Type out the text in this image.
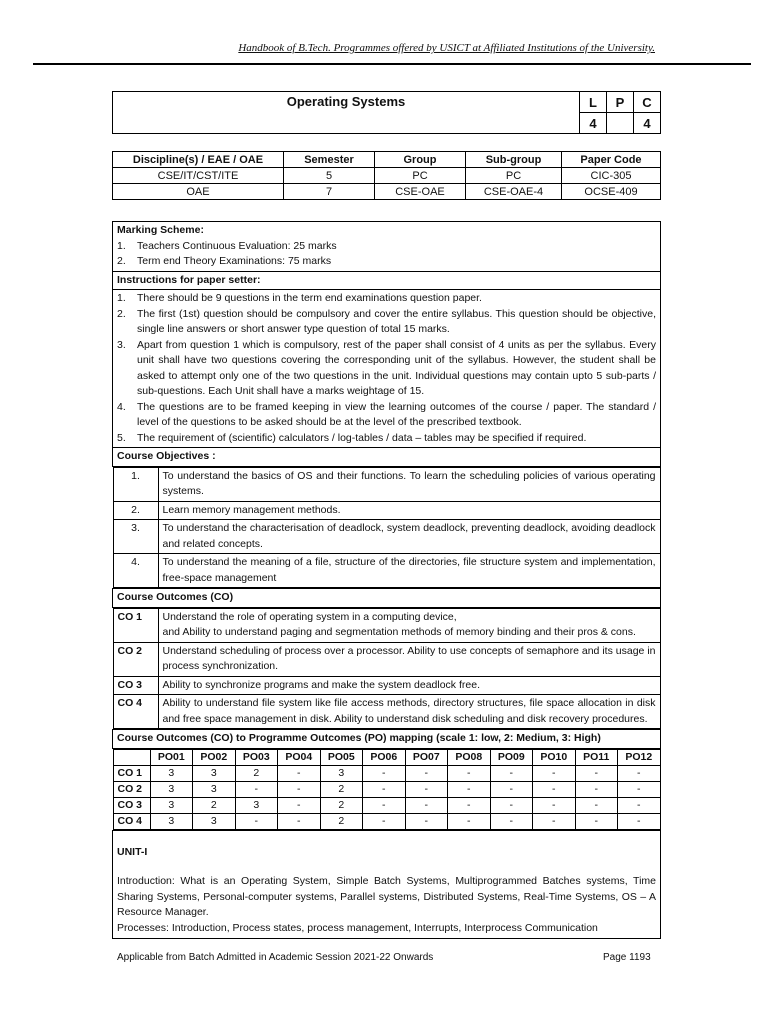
Handbook of B.Tech. Programmes offered by USICT at Affiliated Institutions of the University.
Operating Systems	L	P	C
	4		4
Discipline(s) / EAE / OAE	Semester	Group	Sub-group	Paper Code
CSE/IT/CST/ITE	5	PC	PC	CIC-305
OAE	7	CSE-OAE	CSE-OAE-4	OCSE-409
Marking Scheme:
1.	Teachers Continuous Evaluation: 25 marks
2.	Term end Theory Examinations: 75 marks

Instructions for paper setter:

1.	There should be 9 questions in the term end examinations question paper.
2.	The first (1st) question should be compulsory and cover the entire syllabus. This question should be objective, single line answers or short answer type question of total 15 marks.
3.	Apart from question 1 which is compulsory, rest of the paper shall consist of 4 units as per the syllabus. Every unit shall have two questions covering the corresponding unit of the syllabus. However, the student shall be asked to attempt only one of the two questions in the unit. Individual questions may contain upto 5 sub-parts / sub-questions. Each Unit shall have a marks weightage of 15.
4.	The questions are to be framed keeping in view the learning outcomes of the course / paper. The standard / level of the questions to be asked should be at the level of the prescribed textbook.
5.	The requirement of (scientific) calculators / log-tables / data – tables may be specified if required.

Course Objectives :

1.	To understand the basics of OS and their functions. To learn the scheduling policies of various operating systems.
2.	Learn memory management methods.
3.	To understand the characterisation of deadlock, system deadlock, preventing deadlock, avoiding deadlock and related concepts.
4.	To understand the meaning of a file, structure of the directories, file structure system and implementation, free-space management

Course Outcomes (CO)

CO 1	Understand the role of operating system in a computing device,
and Ability to understand paging and segmentation methods of memory binding and their pros & cons.

CO 2	Understand scheduling of process over a processor. Ability to use concepts of semaphore and its usage in process synchronization.
CO 3	Ability to synchronize programs and make the system deadlock free.
CO 4	Ability to understand file system like file access methods, directory structures, file space allocation in disk and free space management in disk. Ability to understand disk scheduling and disk recovery procedures.

Course Outcomes (CO) to Programme Outcomes (PO) mapping (scale 1: low, 2: Medium, 3: High)

	PO01	PO02	PO03	PO04	PO05	PO06	PO07	PO08	PO09	PO10	PO11	PO12
CO 1	3	3	2	-	3	-	-	-	-	-	-	-
CO 2	3	3	-	-	2	-	-	-	-	-	-	-
CO 3	3	2	3	-	2	-	-	-	-	-	-	-
CO 4	3	3	-	-	2	-	-	-	-	-	-	-

UNIT-I
Introduction: What is an Operating System, Simple Batch Systems, Multiprogrammed Batches systems, Time Sharing Systems, Personal-computer systems, Parallel systems, Distributed Systems, Real-Time Systems, OS – A Resource Manager.
Processes: Introduction, Process states, process management, Interrupts, Interprocess Communication
Applicable from Batch Admitted in Academic Session 2021-22 Onwards	Page 1193
